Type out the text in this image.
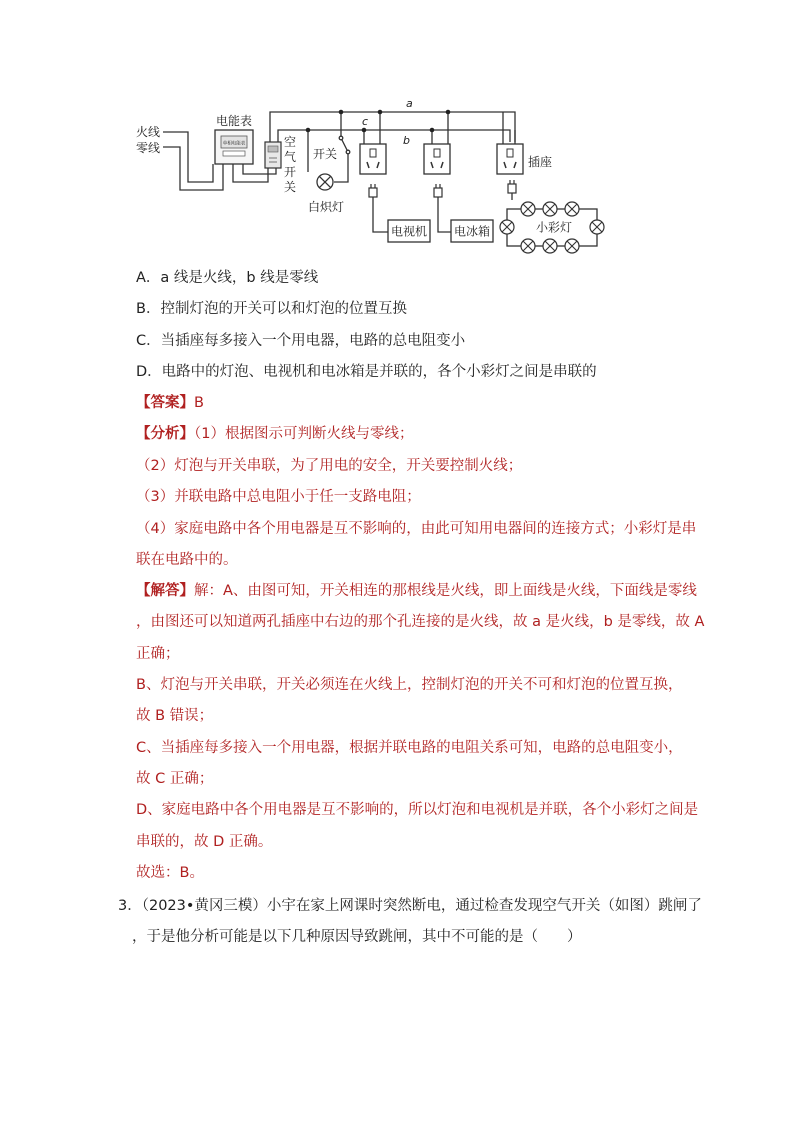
单相电能表
电能表
空
气
开
关
火线
零线
a
b
c
开关
白炽灯
插座
电视机 电冰箱	小彩灯
A．a 线是火线，b 线是零线
B．控制灯泡的开关可以和灯泡的位置互换
C．当插座每多接入一个用电器，电路的总电阻变小
D．电路中的灯泡、电视机和电冰箱是并联的，各个小彩灯之间是串联的
【答案】B
【分析】（1）根据图示可判断火线与零线；
（2）灯泡与开关串联，为了用电的安全，开关要控制火线；
（3）并联电路中总电阻小于任一支路电阻；
（4）家庭电路中各个用电器是互不影响的，由此可知用电器间的连接方式；小彩灯是串
联在电路中的。
【解答】解：A、由图可知，开关相连的那根线是火线，即上面线是火线，下面线是零线
，由图还可以知道两孔插座中右边的那个孔连接的是火线，故 a 是火线，b 是零线，故 A
正确；
B、灯泡与开关串联，开关必须连在火线上，控制灯泡的开关不可和灯泡的位置互换，
故 B 错误；
C、当插座每多接入一个用电器，根据并联电路的电阻关系可知，电路的总电阻变小，
故 C 正确；
D、家庭电路中各个用电器是互不影响的，所以灯泡和电视机是并联，各个小彩灯之间是
串联的，故 D 正确。
故选：B。
3．（2023•黄冈三模）小宇在家上网课时突然断电，通过检查发现空气开关（如图）跳闸了
，于是他分析可能是以下几种原因导致跳闸，其中不可能的是（　　）
